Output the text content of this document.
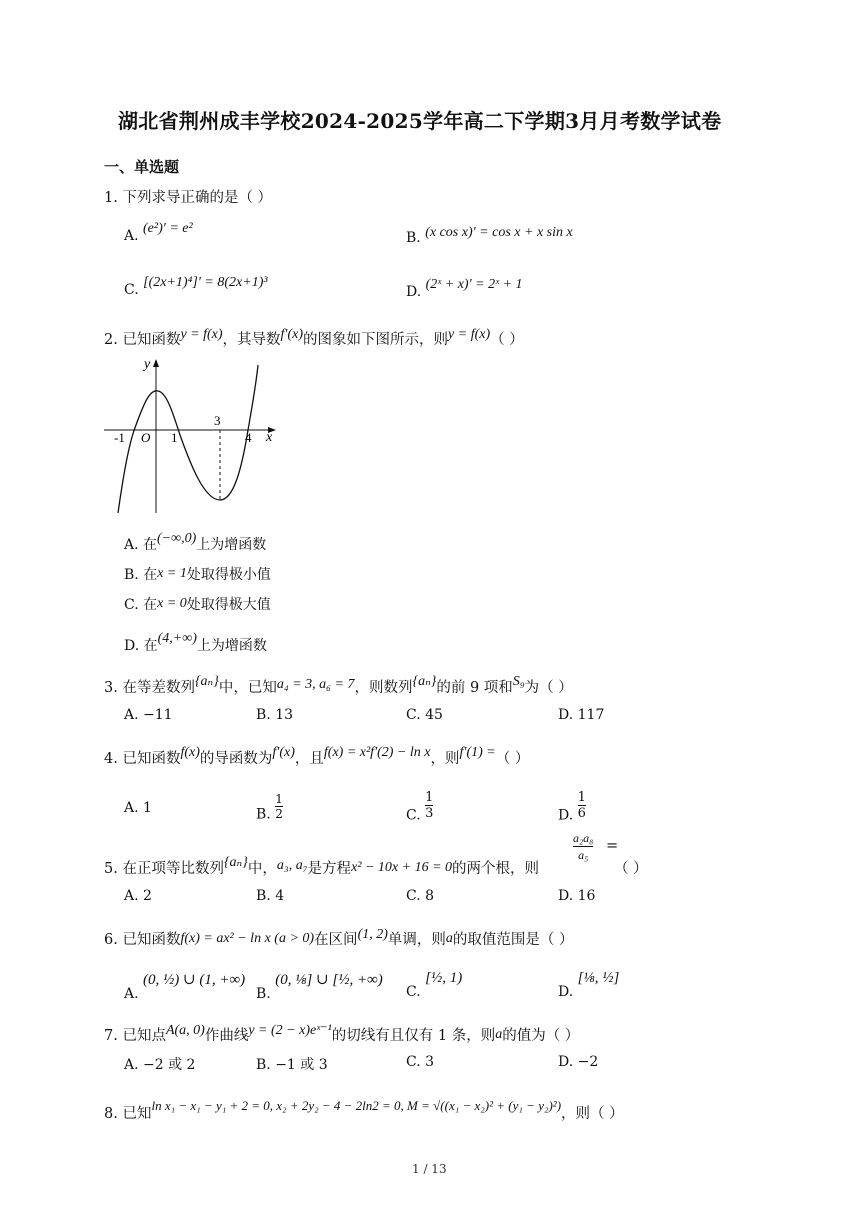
湖北省荆州成丰学校2024-2025学年高二下学期3月月考数学试卷
一、单选题
1. 下列求导正确的是（ ）
A. (e²)′ = e²
B. (x cos x)′ = cos x + x sin x
C. [(2x+1)⁴]′ = 8(2x+1)³
D. (2ˣ + x)′ = 2ˣ + 1
2. 已知函数y = f(x)，其导数f′(x)的图象如下图所示，则y = f(x)（ ）
y
x
-1 O 1
3
4
A. 在(−∞,0)上为增函数
B. 在x = 1处取得极小值
C. 在x = 0处取得极大值
D. 在(4,+∞)上为增函数
3. 在等差数列{aₙ}中，已知a₄ = 3, a₆ = 7，则数列{aₙ}的前 9 项和S₉为（ ）
A. −11	B. 13	C. 45	D. 117
4. 已知函数f(x)的导函数为f′(x)，且f(x) = x²f′(2) − ln x，则f′(1) =（ ）
A. 1	B. $\frac{1}{2}$	C. $\frac{1}{3}$	D. $\frac{1}{6}$
5. 在正项等比数列{aₙ}中，a₃, a₇是方程x² − 10x + 16 = 0的两个根，则
$\frac{\text{a₂a₈}}{\text{a₅}}$ =
（ ）
A. 2	B. 4	C. 8	D. 16
6. 已知函数f(x) = ax² − ln x (a > 0)在区间(1, 2)单调，则a的取值范围是（ ）
A. (0, ½) ∪ (1, +∞)
B. (0, ⅛] ∪ [½, +∞)
C. [½, 1)
D. [⅛, ½]
7. 已知点A(a, 0)作曲线y = (2 − x)eˣ⁻¹的切线有且仅有 1 条，则a的值为（ ）
A. −2 或 2	B. −1 或 3	C. 3	D. −2
8. 已知ln x₁ − x₁ − y₁ + 2 = 0, x₂ + 2y₂ − 4 − 2ln2 = 0, M = √((x₁ − x₂)² + (y₁ − y₂)²)，则（ ）
1 / 13
